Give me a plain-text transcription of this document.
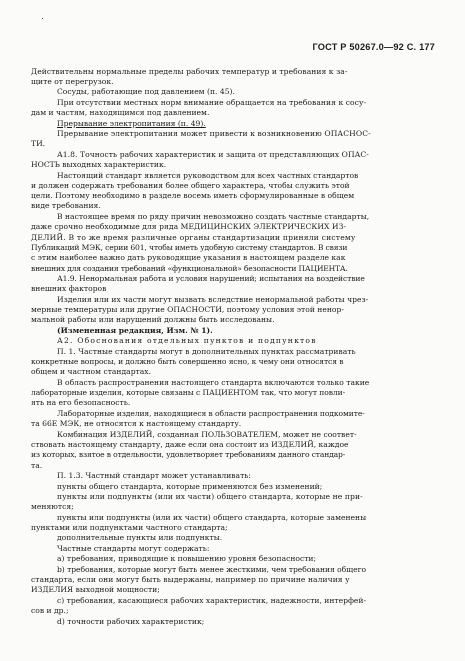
ГОСТ Р 50267.0—92 С. 177
Действительны нормальные пределы рабочих температур и требования к за-
щите от перегрузок.
Сосуды, работающие под давлением (п. 45).
При отсутствии местных норм внимание обращается на требования к сосу-
дам и частям, находящимся под давлением.
Прерывание электропитания (п. 49).
Прерывание электропитания может привести к возникновению ОПАСНОС-
ТИ.
А1.8. Точность рабочих характеристик и защита от представляющих ОПАС-
НОСТЬ выходных характеристик.
Настоящий стандарт является руководством для всех частных стандартов
и должен содержать требования более общего характера, чтобы служить этой
цели. Поэтому необходимо в разделе восемь иметь сформулированные в общем
виде требования.
В настоящее время по ряду причин невозможно создать частные стандарты,
даже срочно необходимые для ряда МЕДИЦИНСКИХ ЭЛЕКТРИЧЕСКИХ ИЗ-
ДЕЛИЙ. В то же время различные органы стандартизации приняли системy
Публикаций МЭК, серии 601, чтобы иметь удобную систему стандартов. В связи
с этим наиболее важно дать руководящие указания в настоящем разделе как
внешних для создания требований «функциональной» безопасности ПАЦИЕНТА.
А1.9. Ненормальная работа и условия нарушений; испытания на воздействие
внешних факторов
Изделия или их части могут вызвать вследствие ненормальной работы чрез-
мерные температуры или другие ОПАСНОСТИ, поэтому условия этой ненор-
мальной работы или нарушений должны быть исследованы.
(Измененная редакция, Изм. № 1).
А2. Обоснования отдельных пунктов и подпунктов
П. 1. Частные стандарты могут в дополнительных пунктах рассматривать
конкретные вопросы, и должно быть совершенно ясно, к чему они относятся в
общем и частном стандартах.
В область распространения настоящего стандарта включаются только такие
лабораторные изделия, которые связаны с ПАЦИЕНТОМ так, что могут повли-
ять на его безопасность.
Лабораторные изделия, находящиеся в области распространения подкомите-
та 66Е МЭК, не относятся к настоящему стандарту.
Комбинация ИЗДЕЛИЙ, созданная ПОЛЬЗОВАТЕЛЕМ, может не соответ-
ствовать настоящему стандарту, даже если она состоит из ИЗДЕЛИЙ, каждое
из которых, взятое в отдельности, удовлетворяет требованиям данного стандар-
та.
П. 1.3. Частный стандарт может устанавливать:
пункты общего стандарта, которые применяются без изменений;
пункты или подпункты (или их части) общего стандарта, которые не при-
меняются;
пункты или подпункты (или их части) общего стандарта, которые заменены
пунктами или подпунктами частного стандарта;
дополнительные пункты или подпункты.
Частные стандарты могут содержать:
а) требования, приводящие к повышению уровня безопасности;
b) требования, которые могут быть менее жесткими, чем требования общего
стандарта, если они могут быть выдержаны, например по причине наличия у
ИЗДЕЛИЯ выходной мощности;
с) требования, касающиеся рабочих характеристик, надежности, интерфей-
сов и др.;
d) точности рабочих характеристик;
